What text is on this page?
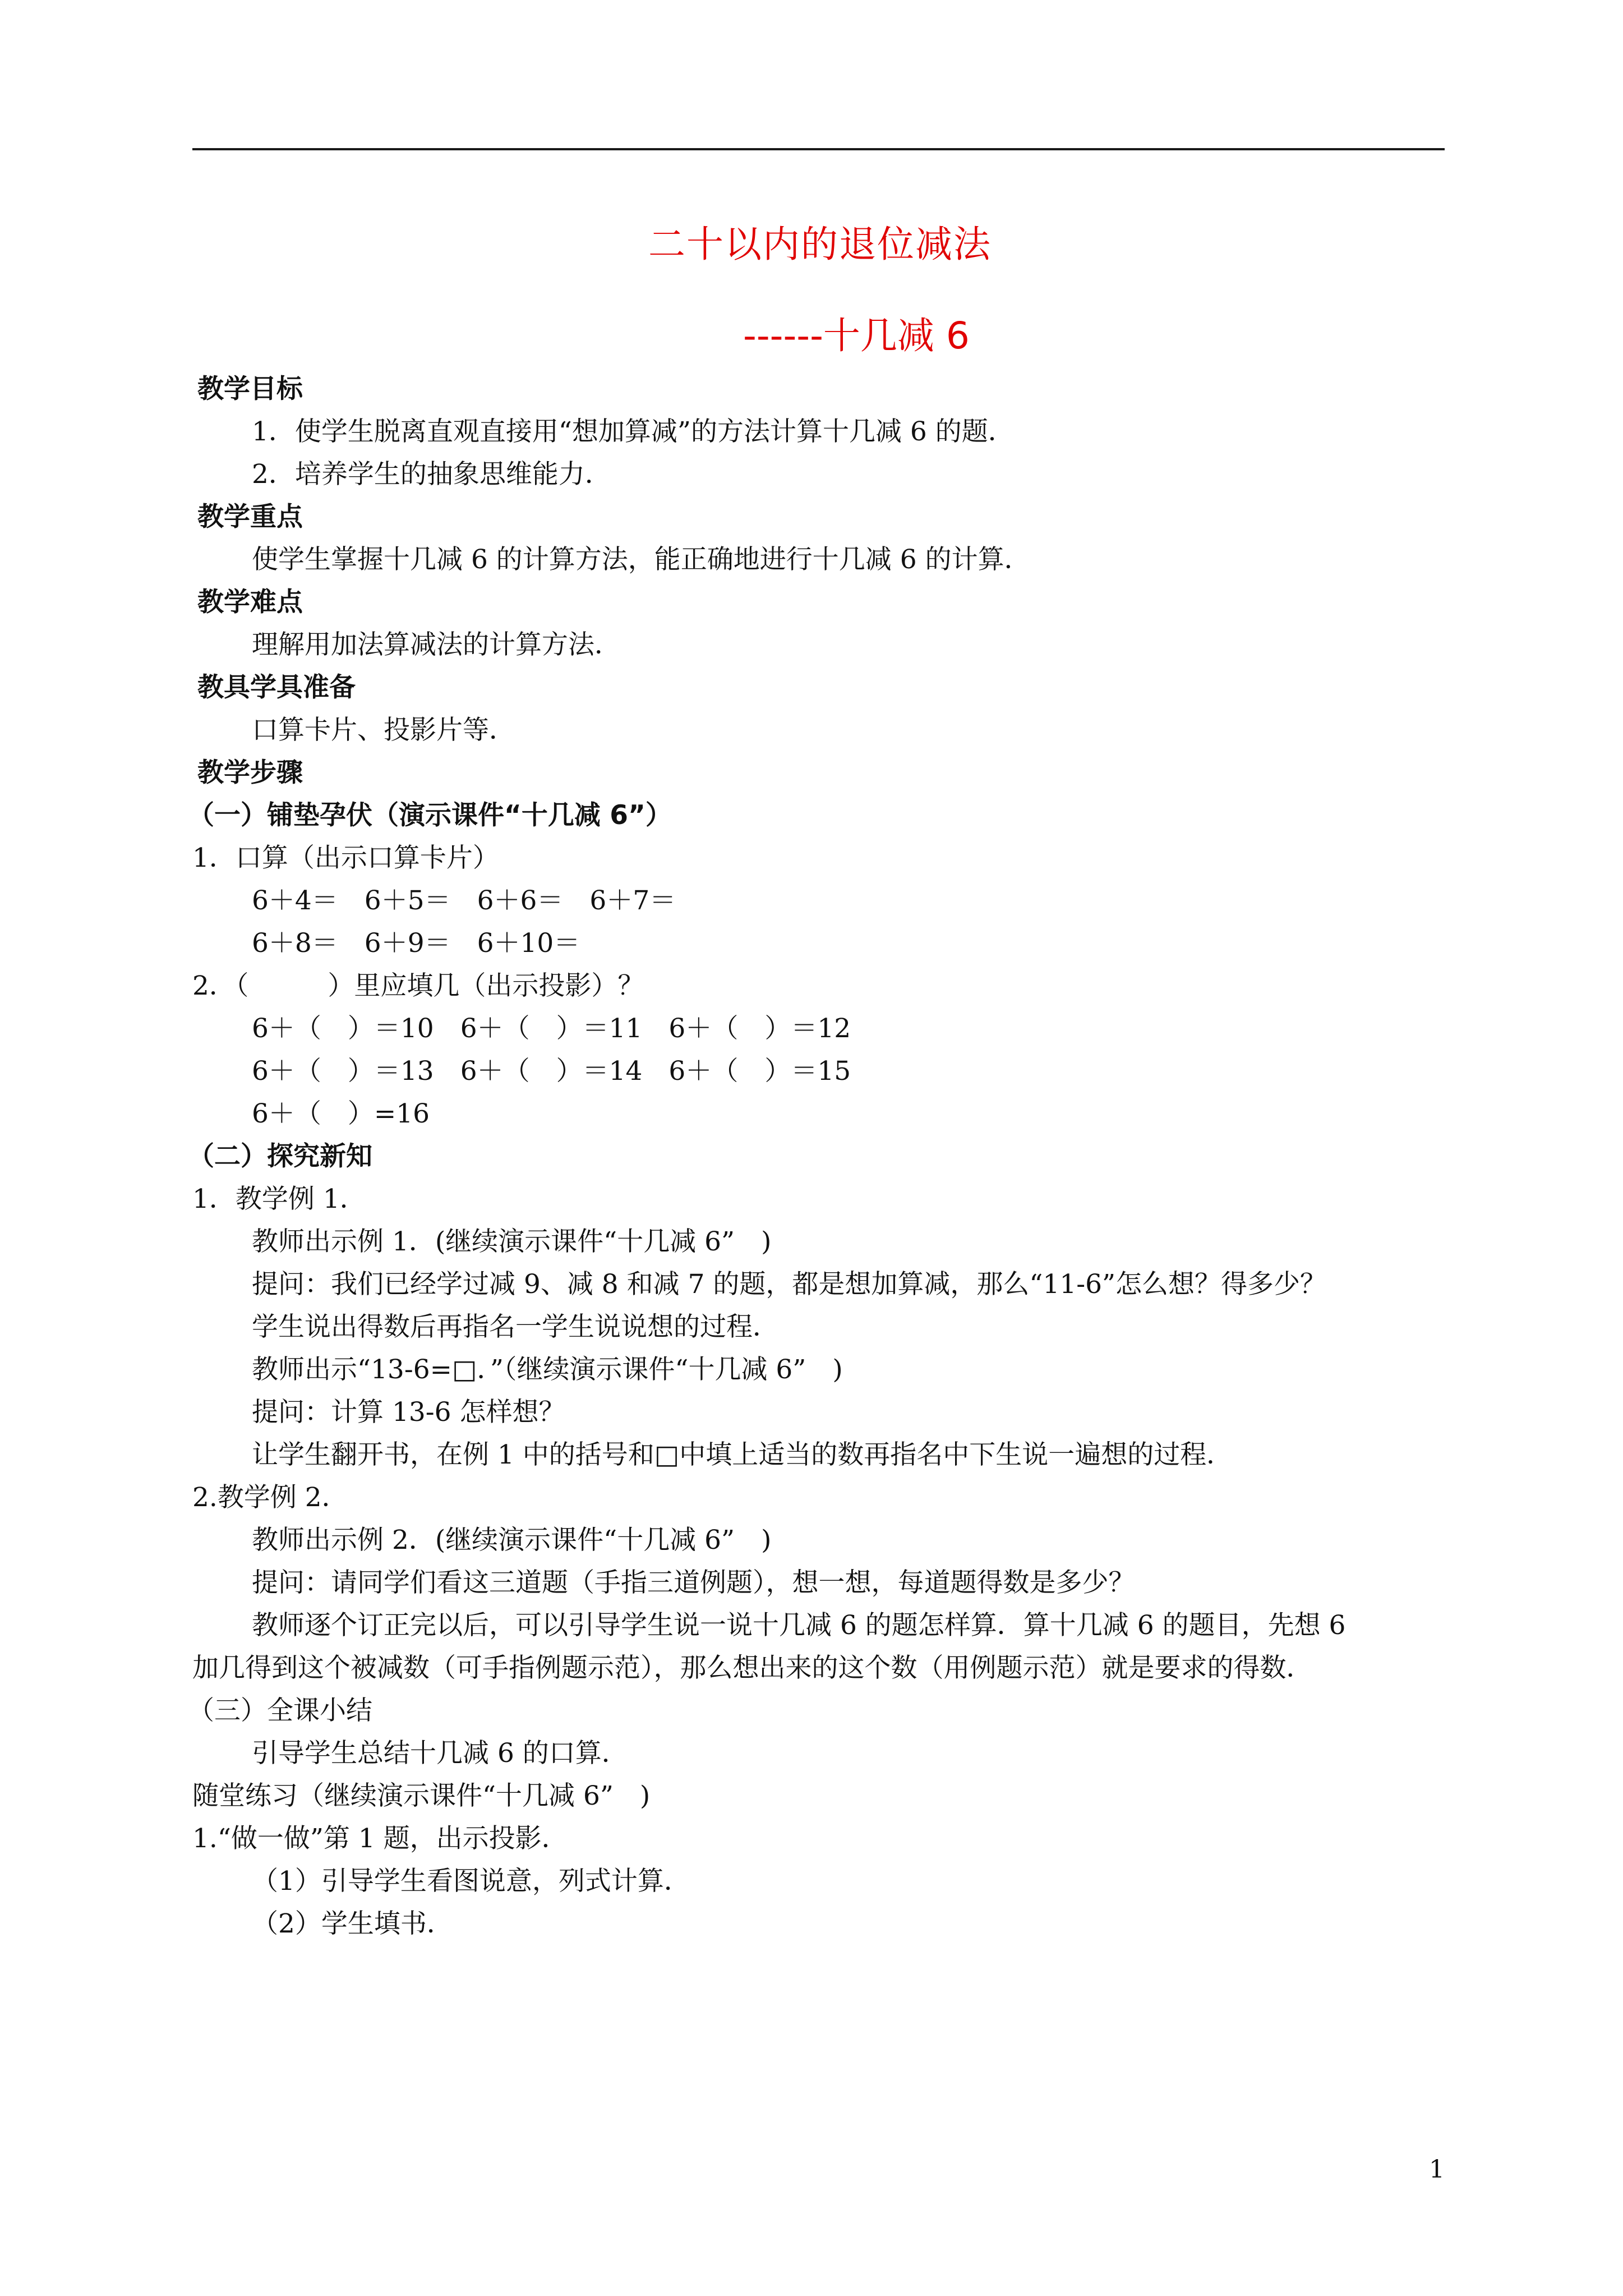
二十以内的退位减法
------十几减 6
教学目标
1．使学生脱离直观直接用“想加算减”的方法计算十几减 6 的题．
2．培养学生的抽象思维能力．
教学重点
使学生掌握十几减 6 的计算方法，能正确地进行十几减 6 的计算．
教学难点
理解用加法算减法的计算方法．
教具学具准备
口算卡片、投影片等．
教学步骤
（一）铺垫孕伏（演示课件“十几减 6”）
1．口算（出示口算卡片）
6＋4＝　6＋5＝　6＋6＝　6＋7＝
6＋8＝　6＋9＝　6＋10＝
2．（　　　）里应填几（出示投影）？
6＋（　）＝10　6＋（　）＝11　6＋（　）＝12
6＋（　）＝13　6＋（　）＝14　6＋（　）＝15
6＋（　）=16
（二）探究新知
1．教学例 1．
教师出示例 1．(继续演示课件“十几减 6”　)
提问：我们已经学过减 9、减 8 和减 7 的题，都是想加算减，那么“11-6”怎么想？得多少？
学生说出得数后再指名一学生说说想的过程．
教师出示“13-6=□．”（继续演示课件“十几减 6”　)
提问：计算 13-6 怎样想？
让学生翻开书，在例 1 中的括号和□中填上适当的数再指名中下生说一遍想的过程．
2.教学例 2．
教师出示例 2．(继续演示课件“十几减 6”　)
提问：请同学们看这三道题（手指三道例题），想一想，每道题得数是多少？
教师逐个订正完以后，可以引导学生说一说十几减 6 的题怎样算．算十几减 6 的题目，先想 6
加几得到这个被减数（可手指例题示范），那么想出来的这个数（用例题示范）就是要求的得数．
（三）全课小结
引导学生总结十几减 6 的口算．
随堂练习（继续演示课件“十几减 6”　)
1.“做一做”第 1 题，出示投影．
（1）引导学生看图说意，列式计算．
（2）学生填书．
1
